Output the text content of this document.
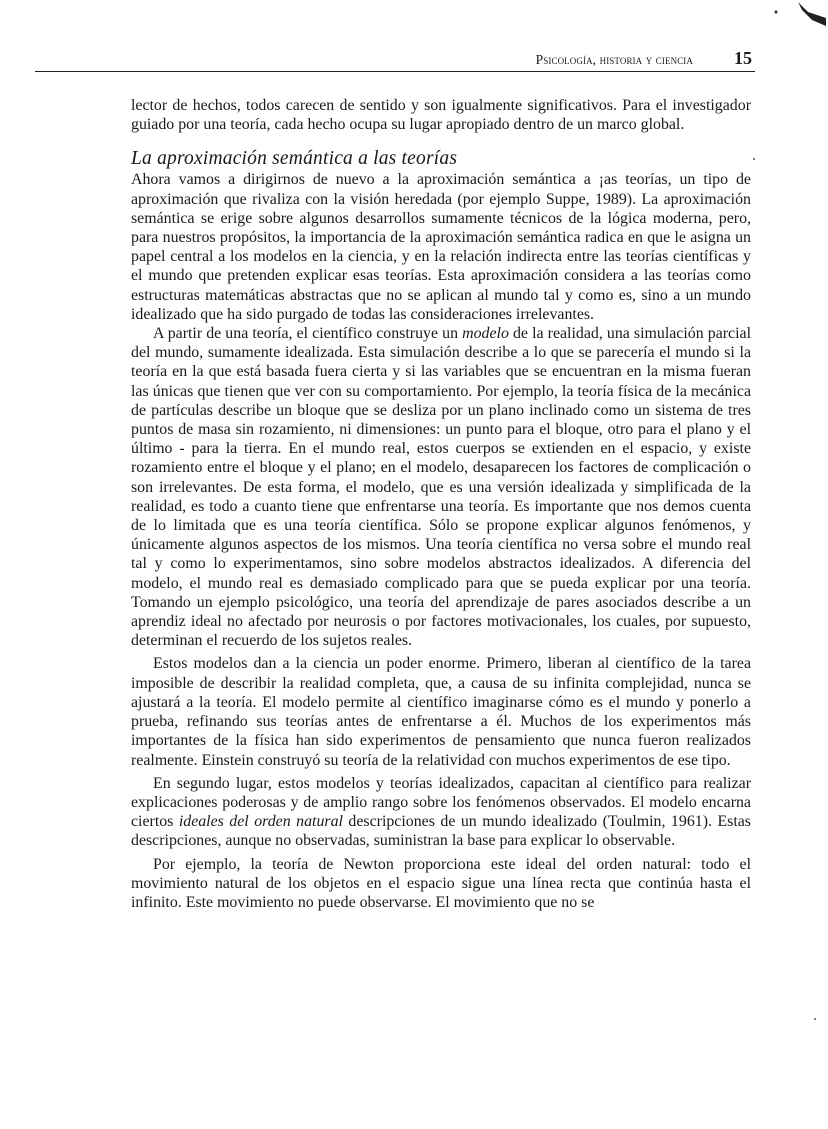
Psicología, historia y ciencia 15

lector de hechos, todos carecen de sentido y son igualmente significativos. Para el investigador guiado por una teoría, cada hecho ocupa su lugar apropiado dentro de un marco global.

La aproximación semántica a las teorías

Ahora vamos a dirigirnos de nuevo a la aproximación semántica a ¡as teorías, un tipo de aproximación que rivaliza con la visión heredada (por ejemplo Suppe, 1989). La aproximación semántica se erige sobre algunos desarrollos sumamente técnicos de la lógica moderna, pero, para nuestros propósitos, la importancia de la aproximación semántica radica en que le asigna un papel central a los modelos en la ciencia, y en la relación indirecta entre las teorías científicas y el mundo que pretenden explicar esas teorías. Esta aproximación considera a las teorías como estructuras matemáticas abstractas que no se aplican al mundo tal y como es, sino a un mundo idealizado que ha sido purgado de todas las consideraciones irrelevantes.

A partir de una teoría, el científico construye un modelo de la realidad, una simulación parcial del mundo, sumamente idealizada. Esta simulación describe a lo que se parecería el mundo si la teoría en la que está basada fuera cierta y si las variables que se encuentran en la misma fueran las únicas que tienen que ver con su comportamiento. Por ejemplo, la teoría física de la mecánica de partículas describe un bloque que se desliza por un plano inclinado como un sistema de tres puntos de masa sin rozamiento, ni dimensiones: un punto para el bloque, otro para el plano y el último - para la tierra. En el mundo real, estos cuerpos se extienden en el espacio, y existe rozamiento entre el bloque y el plano; en el modelo, desaparecen los factores de complicación o son irrelevantes. De esta forma, el modelo, que es una versión idealizada y simplificada de la realidad, es todo a cuanto tiene que enfrentarse una teoría. Es importante que nos demos cuenta de lo limitada que es una teoría científica. Sólo se propone explicar algunos fenómenos, y únicamente algunos aspectos de los mismos. Una teoría científica no versa sobre el mundo real tal y como lo experimentamos, sino sobre modelos abstractos idealizados. A diferencia del modelo, el mundo real es demasiado complicado para que se pueda explicar por una teoría. Tomando un ejemplo psicológico, una teoría del aprendizaje de pares asociados describe a un aprendiz ideal no afectado por neurosis o por factores motivacionales, los cuales, por supuesto, determinan el recuerdo de los sujetos reales.

Estos modelos dan a la ciencia un poder enorme. Primero, liberan al científico de la tarea imposible de describir la realidad completa, que, a causa de su infinita complejidad, nunca se ajustará a la teoría. El modelo permite al científico imaginarse cómo es el mundo y ponerlo a prueba, refinando sus teorías antes de enfrentarse a él. Muchos de los experimentos más importantes de la física han sido experimentos de pensamiento que nunca fueron realizados realmente. Einstein construyó su teoría de la relatividad con muchos experimentos de ese tipo.

En segundo lugar, estos modelos y teorías idealizados, capacitan al científico para realizar explicaciones poderosas y de amplio rango sobre los fenómenos observados. El modelo encarna ciertos ideales del orden natural descripciones de un mundo idealizado (Toulmin, 1961). Estas descripciones, aunque no observadas, suministran la base para explicar lo observable.

Por ejemplo, la teoría de Newton proporciona este ideal del orden natural: todo el movimiento natural de los objetos en el espacio sigue una línea recta que continúa hasta el infinito. Este movimiento no puede observarse. El movimiento que no se
